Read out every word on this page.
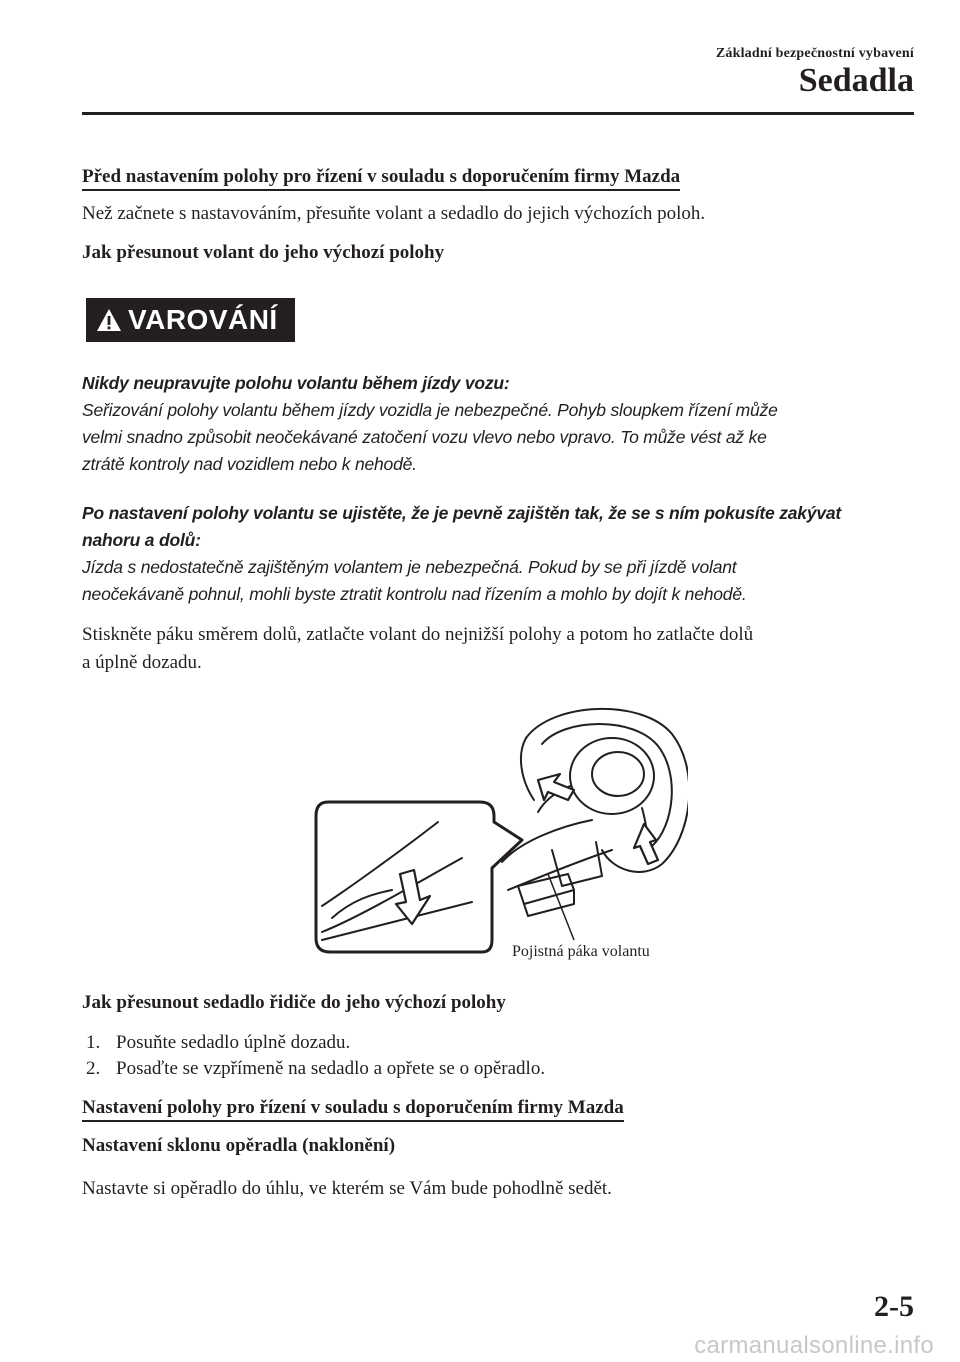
Základní bezpečnostní vybavení
Sedadla
Před nastavením polohy pro řízení v souladu s doporučením firmy Mazda
Než začnete s nastavováním, přesuňte volant a sedadlo do jejich výchozích poloh.
Jak přesunout volant do jeho výchozí polohy
VAROVÁNÍ
Nikdy neupravujte polohu volantu během jízdy vozu:
Seřizování polohy volantu během jízdy vozidla je nebezpečné. Pohyb sloupkem řízení může
velmi snadno způsobit neočekávané zatočení vozu vlevo nebo vpravo. To může vést až ke
ztrátě kontroly nad vozidlem nebo k nehodě.
Po nastavení polohy volantu se ujistěte, že je pevně zajištěn tak, že se s ním pokusíte zakývat
nahoru a dolů:
Jízda s nedostatečně zajištěným volantem je nebezpečná. Pokud by se při jízdě volant
neočekávaně pohnul, mohli byste ztratit kontrolu nad řízením a mohlo by dojít k nehodě.
Stiskněte páku směrem dolů, zatlačte volant do nejnižší polohy a potom ho zatlačte dolů
a úplně dozadu.
Pojistná páka volantu
Jak přesunout sedadlo řidiče do jeho výchozí polohy
1. Posuňte sedadlo úplně dozadu.
2. Posaďte se vzpřímeně na sedadlo a opřete se o opěradlo.
Nastavení polohy pro řízení v souladu s doporučením firmy Mazda
Nastavení sklonu opěradla (naklonění)
Nastavte si opěradlo do úhlu, ve kterém se Vám bude pohodlně sedět.
2-5
carmanualsonline.info
